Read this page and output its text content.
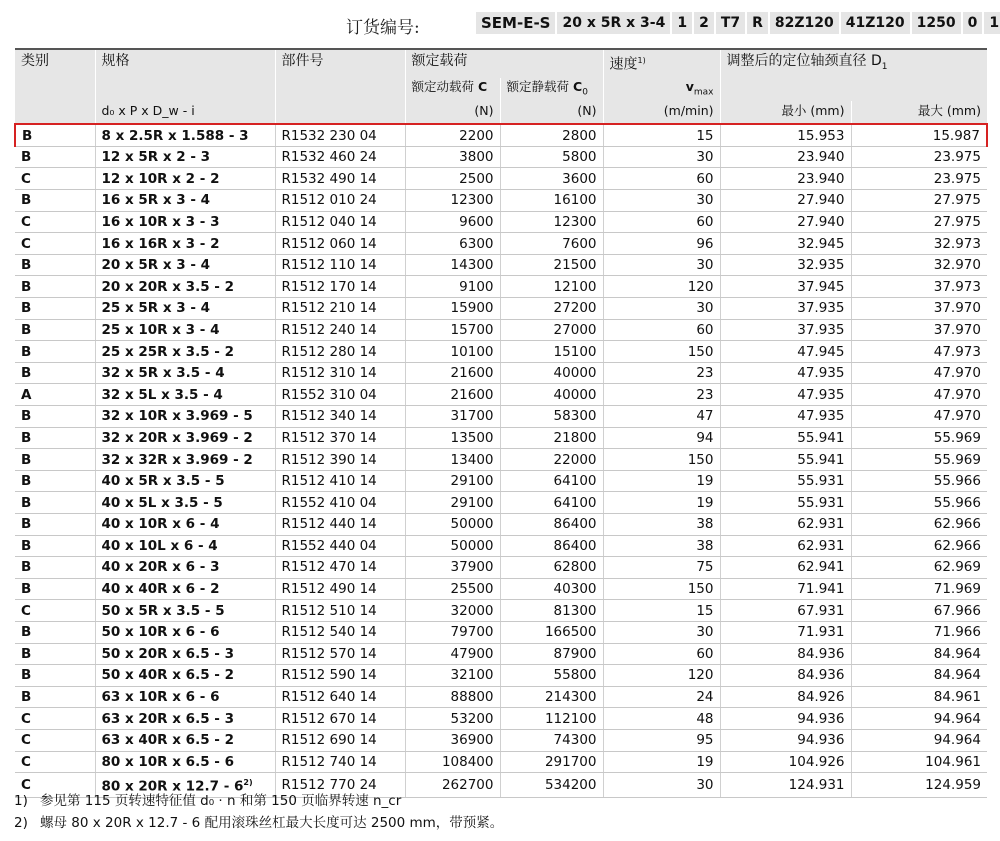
订货编号:	SEM-E-S 20 x 5R x 3-4 1 2 T7 R 82Z120 41Z120 1250 0 1
类别	规格	部件号	额定载荷		速度$^{1)}$	调整后的定位轴颈直径 $D_1$
			额定动载荷 C	额定静载荷 $C_0$	$v_{max}$		
	d₀ x P x D_w - i		(N)	(N)	(m/min)	最小 (mm)	最大 (mm)
B	8 x 2.5R x 1.588 - 3	R1532 230 04	2200	2800	15	15.953	15.987
B	12 x 5R x 2 - 3	R1532 460 24	3800	5800	30	23.940	23.975
C	12 x 10R x 2 - 2	R1532 490 14	2500	3600	60	23.940	23.975
B	16 x 5R x 3 - 4	R1512 010 24	12300	16100	30	27.940	27.975
C	16 x 10R x 3 - 3	R1512 040 14	9600	12300	60	27.940	27.975
C	16 x 16R x 3 - 2	R1512 060 14	6300	7600	96	32.945	32.973
B	20 x 5R x 3 - 4	R1512 110 14	14300	21500	30	32.935	32.970
B	20 x 20R x 3.5 - 2	R1512 170 14	9100	12100	120	37.945	37.973
B	25 x 5R x 3 - 4	R1512 210 14	15900	27200	30	37.935	37.970
B	25 x 10R x 3 - 4	R1512 240 14	15700	27000	60	37.935	37.970
B	25 x 25R x 3.5 - 2	R1512 280 14	10100	15100	150	47.945	47.973
B	32 x 5R x 3.5 - 4	R1512 310 14	21600	40000	23	47.935	47.970
A	32 x 5L x 3.5 - 4	R1552 310 04	21600	40000	23	47.935	47.970
B	32 x 10R x 3.969 - 5	R1512 340 14	31700	58300	47	47.935	47.970
B	32 x 20R x 3.969 - 2	R1512 370 14	13500	21800	94	55.941	55.969
B	32 x 32R x 3.969 - 2	R1512 390 14	13400	22000	150	55.941	55.969
B	40 x 5R x 3.5 - 5	R1512 410 14	29100	64100	19	55.931	55.966
B	40 x 5L x 3.5 - 5	R1552 410 04	29100	64100	19	55.931	55.966
B	40 x 10R x 6 - 4	R1512 440 14	50000	86400	38	62.931	62.966
B	40 x 10L x 6 - 4	R1552 440 04	50000	86400	38	62.931	62.966
B	40 x 20R x 6 - 3	R1512 470 14	37900	62800	75	62.941	62.969
B	40 x 40R x 6 - 2	R1512 490 14	25500	40300	150	71.941	71.969
C	50 x 5R x 3.5 - 5	R1512 510 14	32000	81300	15	67.931	67.966
B	50 x 10R x 6 - 6	R1512 540 14	79700	166500	30	71.931	71.966
B	50 x 20R x 6.5 - 3	R1512 570 14	47900	87900	60	84.936	84.964
B	50 x 40R x 6.5 - 2	R1512 590 14	32100	55800	120	84.936	84.964
B	63 x 10R x 6 - 6	R1512 640 14	88800	214300	24	84.926	84.961
C	63 x 20R x 6.5 - 3	R1512 670 14	53200	112100	48	94.936	94.964
C	63 x 40R x 6.5 - 2	R1512 690 14	36900	74300	95	94.936	94.964
C	80 x 10R x 6.5 - 6	R1512 740 14	108400	291700	19	104.926	104.961
C	80 x 20R x 12.7 - 6$^{2)}$	R1512 770 24	262700	534200	30	124.931	124.959
1) 参见第 115 页转速特征值 d₀ · n 和第 150 页临界转速 n_cr
2) 螺母 80 x 20R x 12.7 - 6 配用滚珠丝杠最大长度可达 2500 mm，带预紧。
